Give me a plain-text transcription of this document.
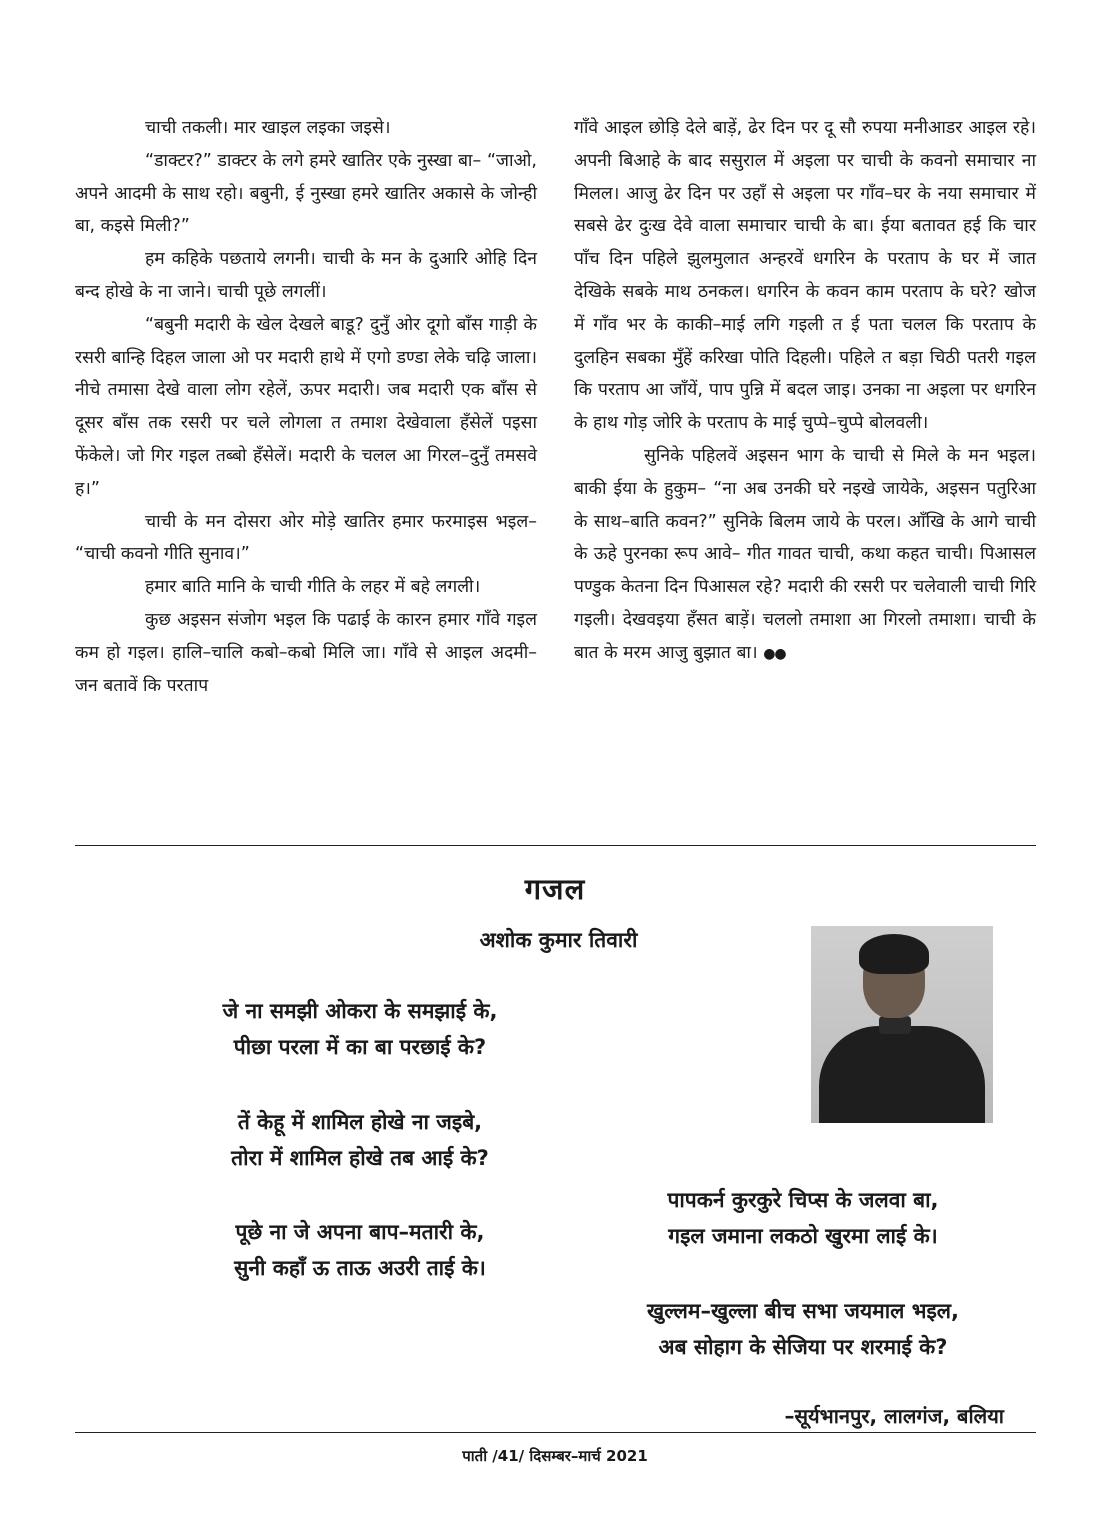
चाची तकली। मार खाइल लइका जइसे।

“डाक्टर?” डाक्टर के लगे हमरे खातिर एके नुस्खा बा– “जाओ, अपने आदमी के साथ रहो। बबुनी, ई नुस्खा हमरे खातिर अकासे के जोन्ही बा, कइसे मिली?”

हम कहिके पछताये लगनी। चाची के मन के दुआरि ओहि दिन बन्द होखे के ना जाने। चाची पूछे लगलीं।

“बबुनी मदारी के खेल देखले बाडू? दुनुँ ओर दूगो बाँस गाड़ी के रसरी बान्हि दिहल जाला ओ पर मदारी हाथे में एगो डण्डा लेके चढ़ि जाला। नीचे तमासा देखे वाला लोग रहेलें, ऊपर मदारी। जब मदारी एक बाँस से दूसर बाँस तक रसरी पर चले लोगला त तमाश देखेवाला हँसेलें पइसा फेंकेले। जो गिर गइल तब्बो हँसेलें। मदारी के चलल आ गिरल–दुनुँ तमसवे ह।”

चाची के मन दोसरा ओर मोड़े खातिर हमार फरमाइस भइल– “चाची कवनो गीति सुनाव।”

हमार बाति मानि के चाची गीति के लहर में बहे लगली।

कुछ अइसन संजोग भइल कि पढाई के कारन हमार गाँवे गइल कम हो गइल। हालि–चालि कबो–कबो मिलि जा। गाँवे से आइल अदमी–जन बतावें कि परताप

गाँवे आइल छोड़ि देले बाड़ें, ढेर दिन पर दू सौ रुपया मनीआडर आइल रहे। अपनी बिआहे के बाद ससुराल में अइला पर चाची के कवनो समाचार ना मिलल। आजु ढेर दिन पर उहाँ से अइला पर गाँव–घर के नया समाचार में सबसे ढेर दुःख देवे वाला समाचार चाची के बा। ईया बतावत हई कि चार पाँच दिन पहिले झुलमुलात अन्हरवें धगरिन के परताप के घर में जात देखिके सबके माथ ठनकल। धगरिन के कवन काम परताप के घरे? खोज में गाँव भर के काकी–माई लगि गइली त ई पता चलल कि परताप के दुलहिन सबका मुँहें करिखा पोति दिहली। पहिले त बड़ा चिठी पतरी गइल कि परताप आ जाँयें, पाप पुन्नि में बदल जाइ। उनका ना अइला पर धगरिन के हाथ गोड़ जोरि के परताप के माई चुप्पे–चुप्पे बोलवली।

सुनिके पहिलवें अइसन भाग के चाची से मिले के मन भइल। बाकी ईया के हुकुम– “ना अब उनकी घरे नइखे जायेके, अइसन पतुरिआ के साथ–बाति कवन?” सुनिके बिलम जाये के परल। आँखि के आगे चाची के ऊहे पुरनका रूप आवे– गीत गावत चाची, कथा कहत चाची। पिआसल पण्डुक केतना दिन पिआसल रहे? मदारी की रसरी पर चलेवाली चाची गिरि गइली। देखवइया हँसत बाड़ें। चललो तमाशा आ गिरलो तमाशा। चाची के बात के मरम आजु बुझात बा। ●●

गजल
अशोक कुमार तिवारी
जे ना समझी ओकरा के समझाई के,
पीछा परला में का बा परछाई के?
तें केहू में शामिल होखे ना जइबे,
तोरा में शामिल होखे तब आई के?
पूछे ना जे अपना बाप–मतारी के,
सुनी कहाँ ऊ ताऊ अउरी ताई के।
पापकर्न कुरकुरे चिप्स के जलवा बा,
गइल जमाना लकठो खुरमा लाई के।
खुल्लम–खुल्ला बीच सभा जयमाल भइल,
अब सोहाग के सेजिया पर शरमाई के?
–सूर्यभानपुर, लालगंज, बलिया
पाती /41/ दिसम्बर–मार्च 2021
